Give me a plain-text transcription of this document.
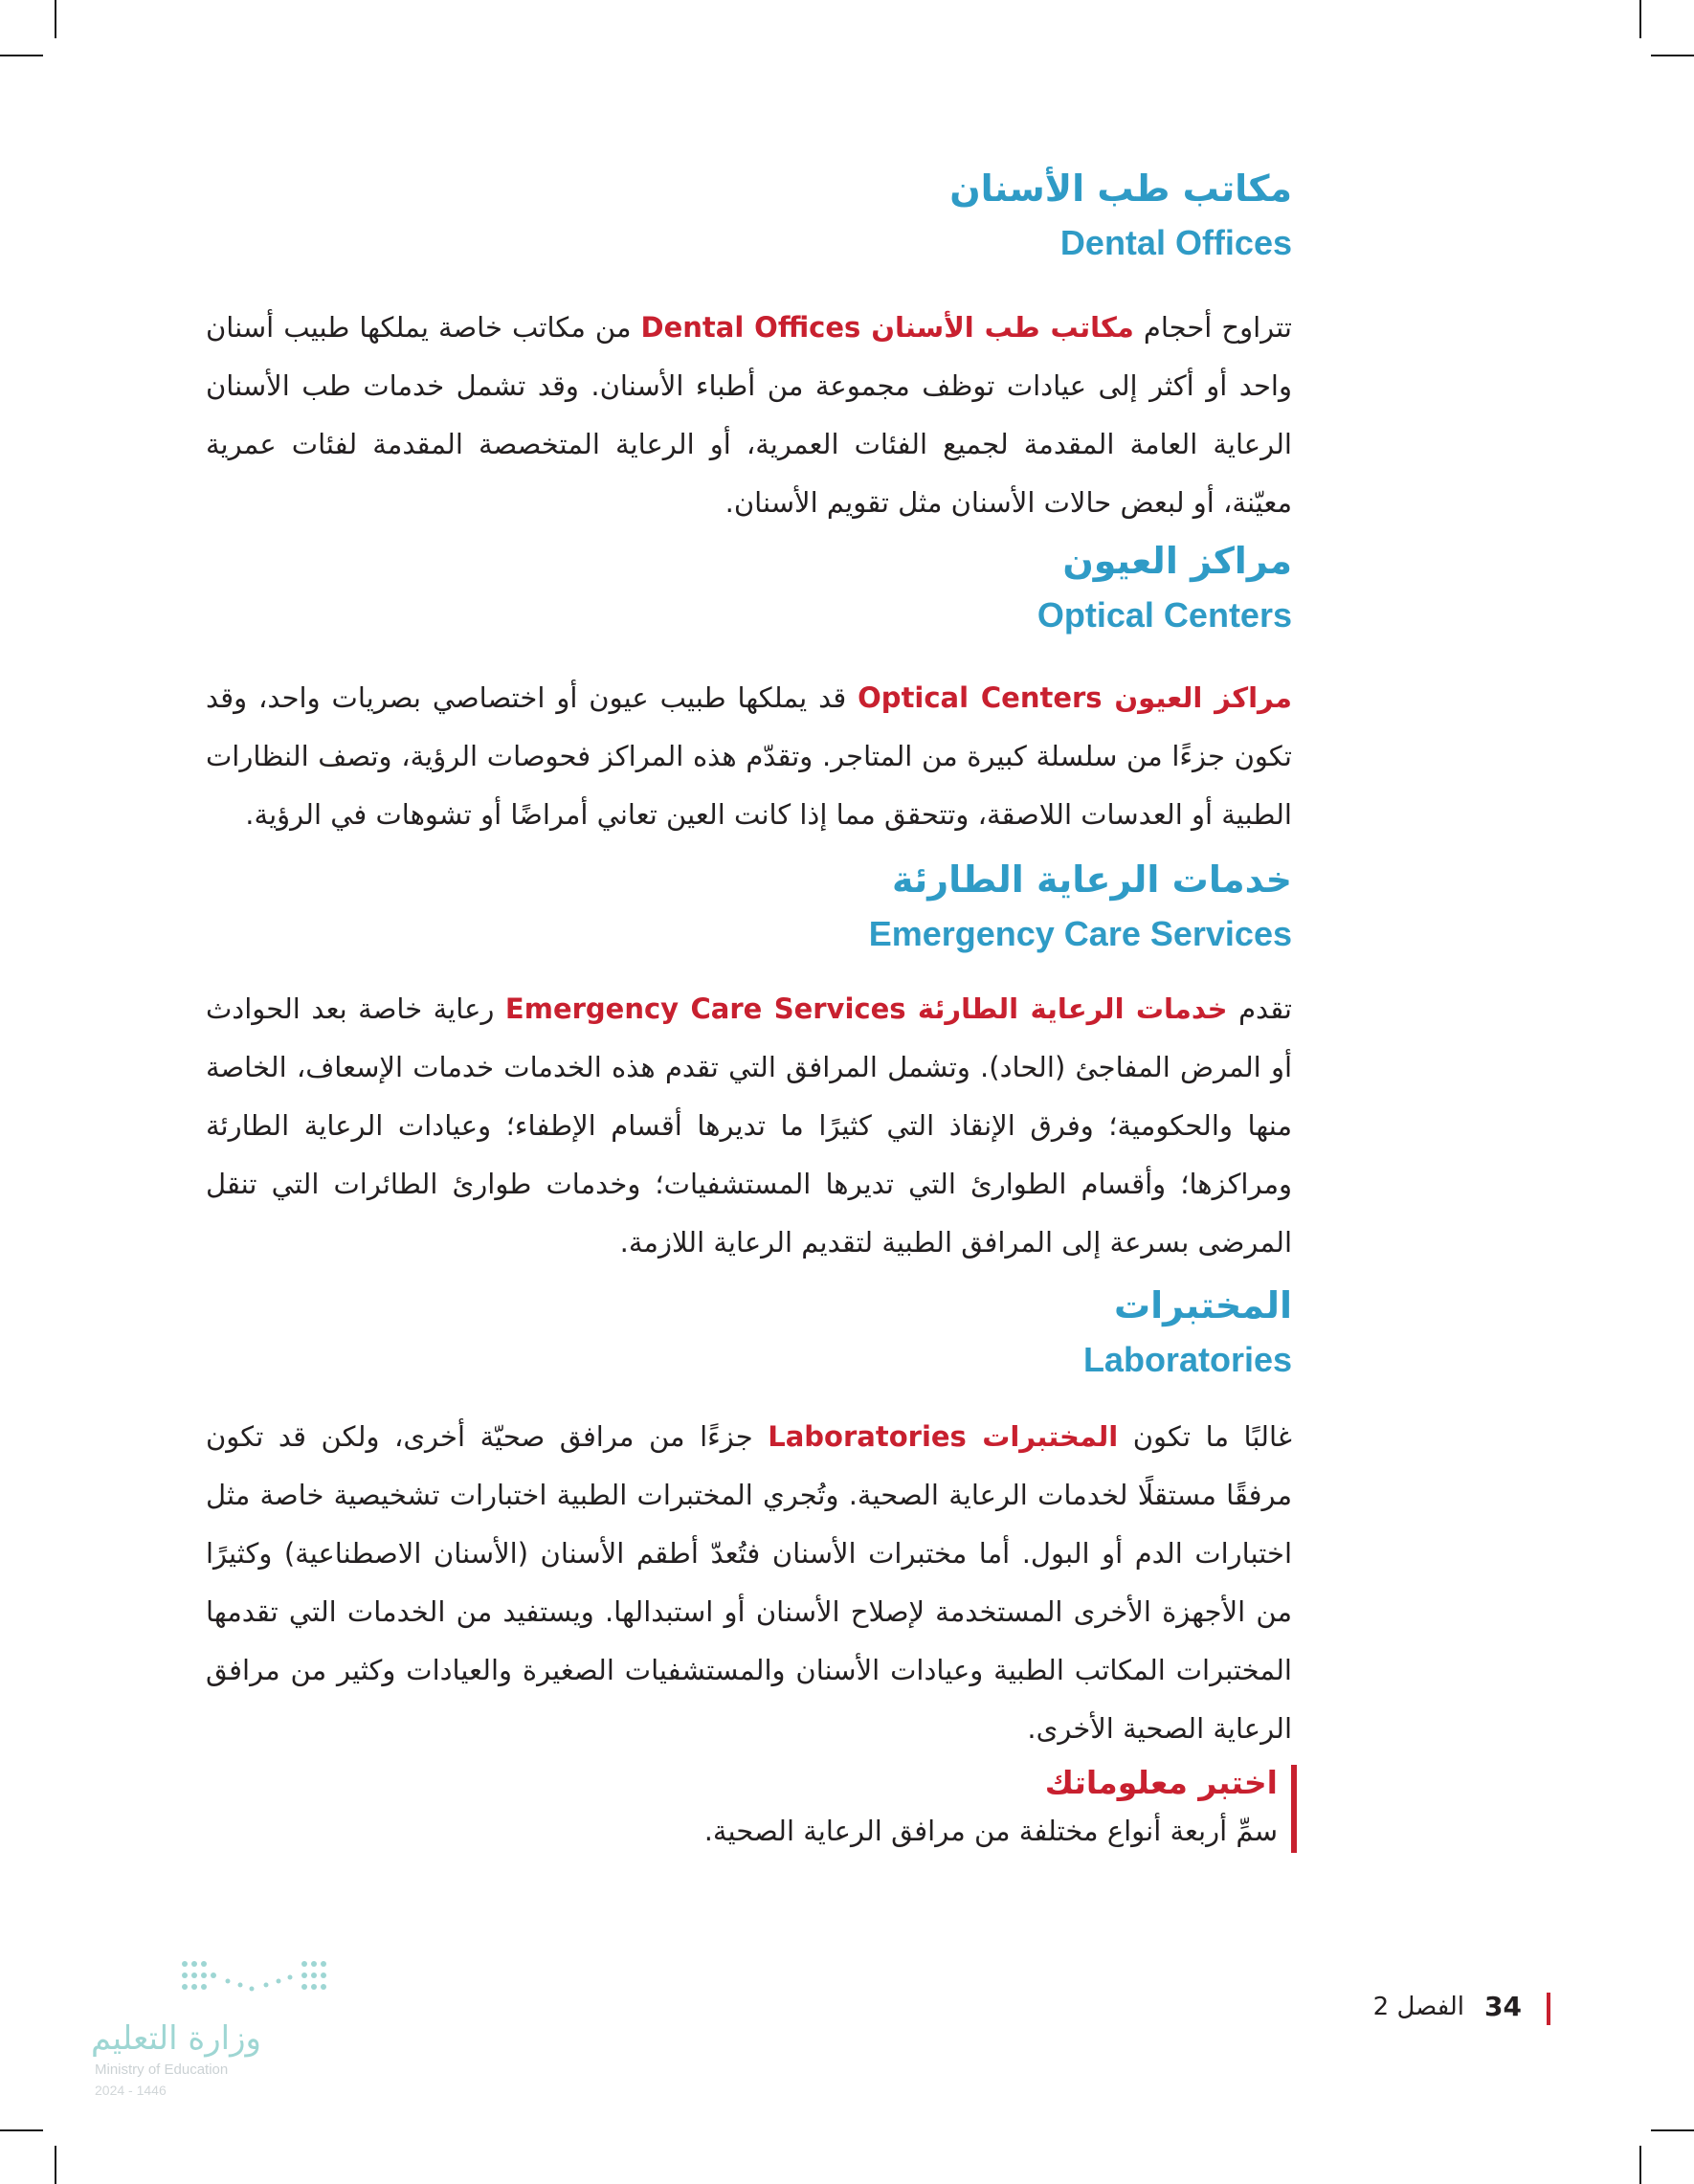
مكاتب طب الأسنان
Dental Offices
تتراوح أحجام مكاتب طب الأسنان Dental Offices من مكاتب خاصة يملكها طبيب أسنان واحد أو أكثر إلى عيادات توظف مجموعة من أطباء الأسنان. وقد تشمل خدمات طب الأسنان الرعاية العامة المقدمة لجميع الفئات العمرية، أو الرعاية المتخصصة المقدمة لفئات عمرية معيّنة، أو لبعض حالات الأسنان مثل تقويم الأسنان.
مراكز العيون
Optical Centers
مراكز العيون Optical Centers قد يملكها طبيب عيون أو اختصاصي بصريات واحد، وقد تكون جزءًا من سلسلة كبيرة من المتاجر. وتقدّم هذه المراكز فحوصات الرؤية، وتصف النظارات الطبية أو العدسات اللاصقة، وتتحقق مما إذا كانت العين تعاني أمراضًا أو تشوهات في الرؤية.
خدمات الرعاية الطارئة
Emergency Care Services
تقدم خدمات الرعاية الطارئة Emergency Care Services رعاية خاصة بعد الحوادث أو المرض المفاجئ (الحاد). وتشمل المرافق التي تقدم هذه الخدمات خدمات الإسعاف، الخاصة منها والحكومية؛ وفرق الإنقاذ التي كثيرًا ما تديرها أقسام الإطفاء؛ وعيادات الرعاية الطارئة ومراكزها؛ وأقسام الطوارئ التي تديرها المستشفيات؛ وخدمات طوارئ الطائرات التي تنقل المرضى بسرعة إلى المرافق الطبية لتقديم الرعاية اللازمة.
المختبرات
Laboratories
غالبًا ما تكون المختبرات Laboratories جزءًا من مرافق صحيّة أخرى، ولكن قد تكون مرفقًا مستقلًا لخدمات الرعاية الصحية. وتُجري المختبرات الطبية اختبارات تشخيصية خاصة مثل اختبارات الدم أو البول. أما مختبرات الأسنان فتُعدّ أطقم الأسنان (الأسنان الاصطناعية) وكثيرًا من الأجهزة الأخرى المستخدمة لإصلاح الأسنان أو استبدالها. ويستفيد من الخدمات التي تقدمها المختبرات المكاتب الطبية وعيادات الأسنان والمستشفيات الصغيرة والعيادات وكثير من مرافق الرعاية الصحية الأخرى.
اختبر معلوماتك
سمِّ أربعة أنواع مختلفة من مرافق الرعاية الصحية.
34
الفصل 2
وزارة التعليم
Ministry of Education
2024 - 1446
